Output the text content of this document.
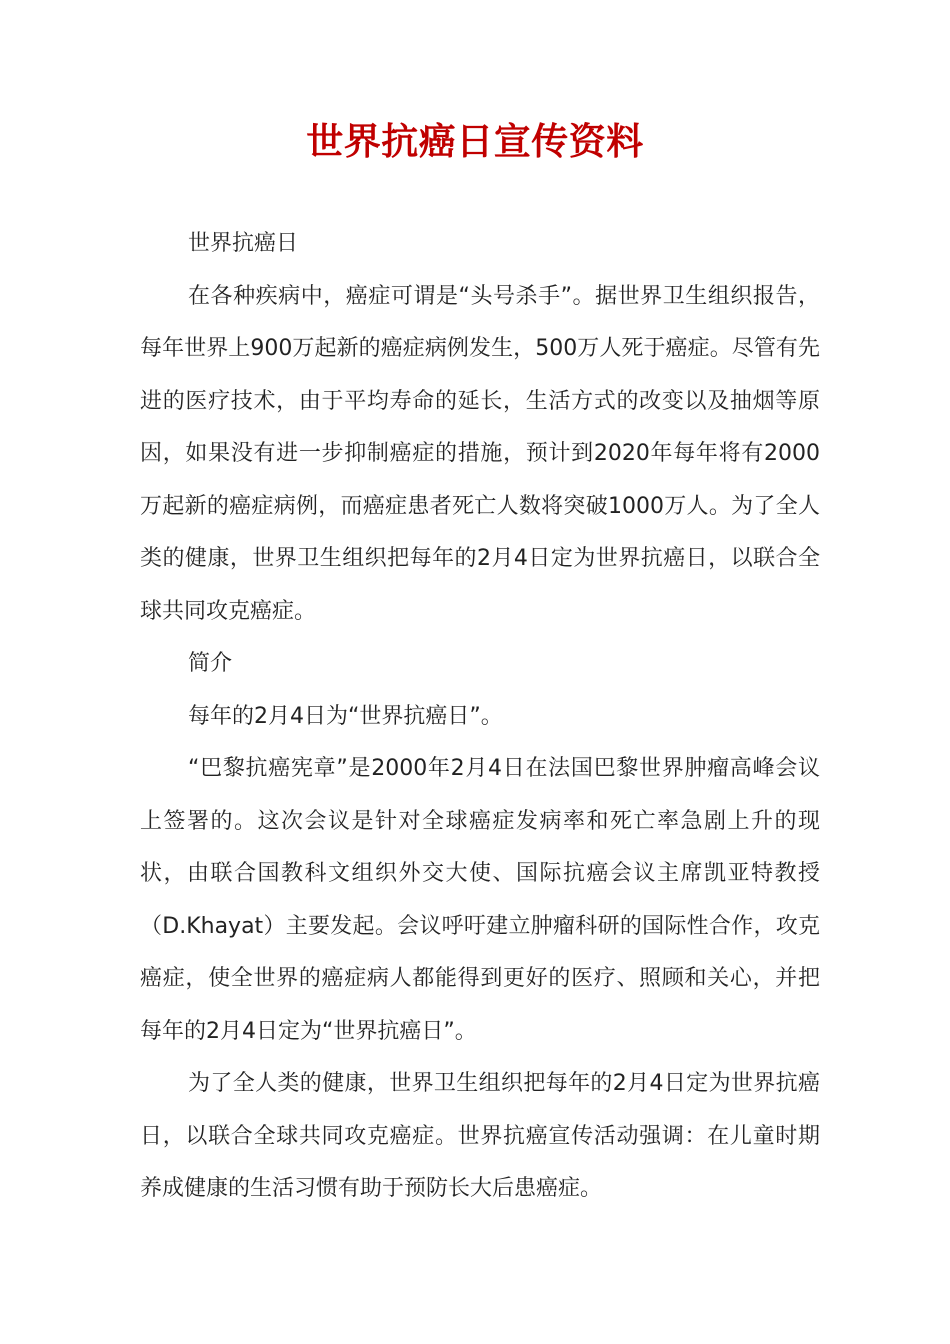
世界抗癌日宣传资料

世界抗癌日

在各种疾病中，癌症可谓是“头号杀手”。据世界卫生组织报告，每年世界上900万起新的癌症病例发生，500万人死于癌症。尽管有先进的医疗技术，由于平均寿命的延长，生活方式的改变以及抽烟等原因，如果没有进一步抑制癌症的措施，预计到2020年每年将有2000万起新的癌症病例，而癌症患者死亡人数将突破1000万人。为了全人类的健康，世界卫生组织把每年的2月4日定为世界抗癌日，以联合全球共同攻克癌症。

简介

每年的2月4日为“世界抗癌日”。

“巴黎抗癌宪章”是2000年2月4日在法国巴黎世界肿瘤高峰会议上签署的。这次会议是针对全球癌症发病率和死亡率急剧上升的现状，由联合国教科文组织外交大使、国际抗癌会议主席凯亚特教授（D.Khayat）主要发起。会议呼吁建立肿瘤科研的国际性合作，攻克癌症，使全世界的癌症病人都能得到更好的医疗、照顾和关心，并把每年的2月4日定为“世界抗癌日”。

为了全人类的健康，世界卫生组织把每年的2月4日定为世界抗癌日，以联合全球共同攻克癌症。世界抗癌宣传活动强调：在儿童时期养成健康的生活习惯有助于预防长大后患癌症。
